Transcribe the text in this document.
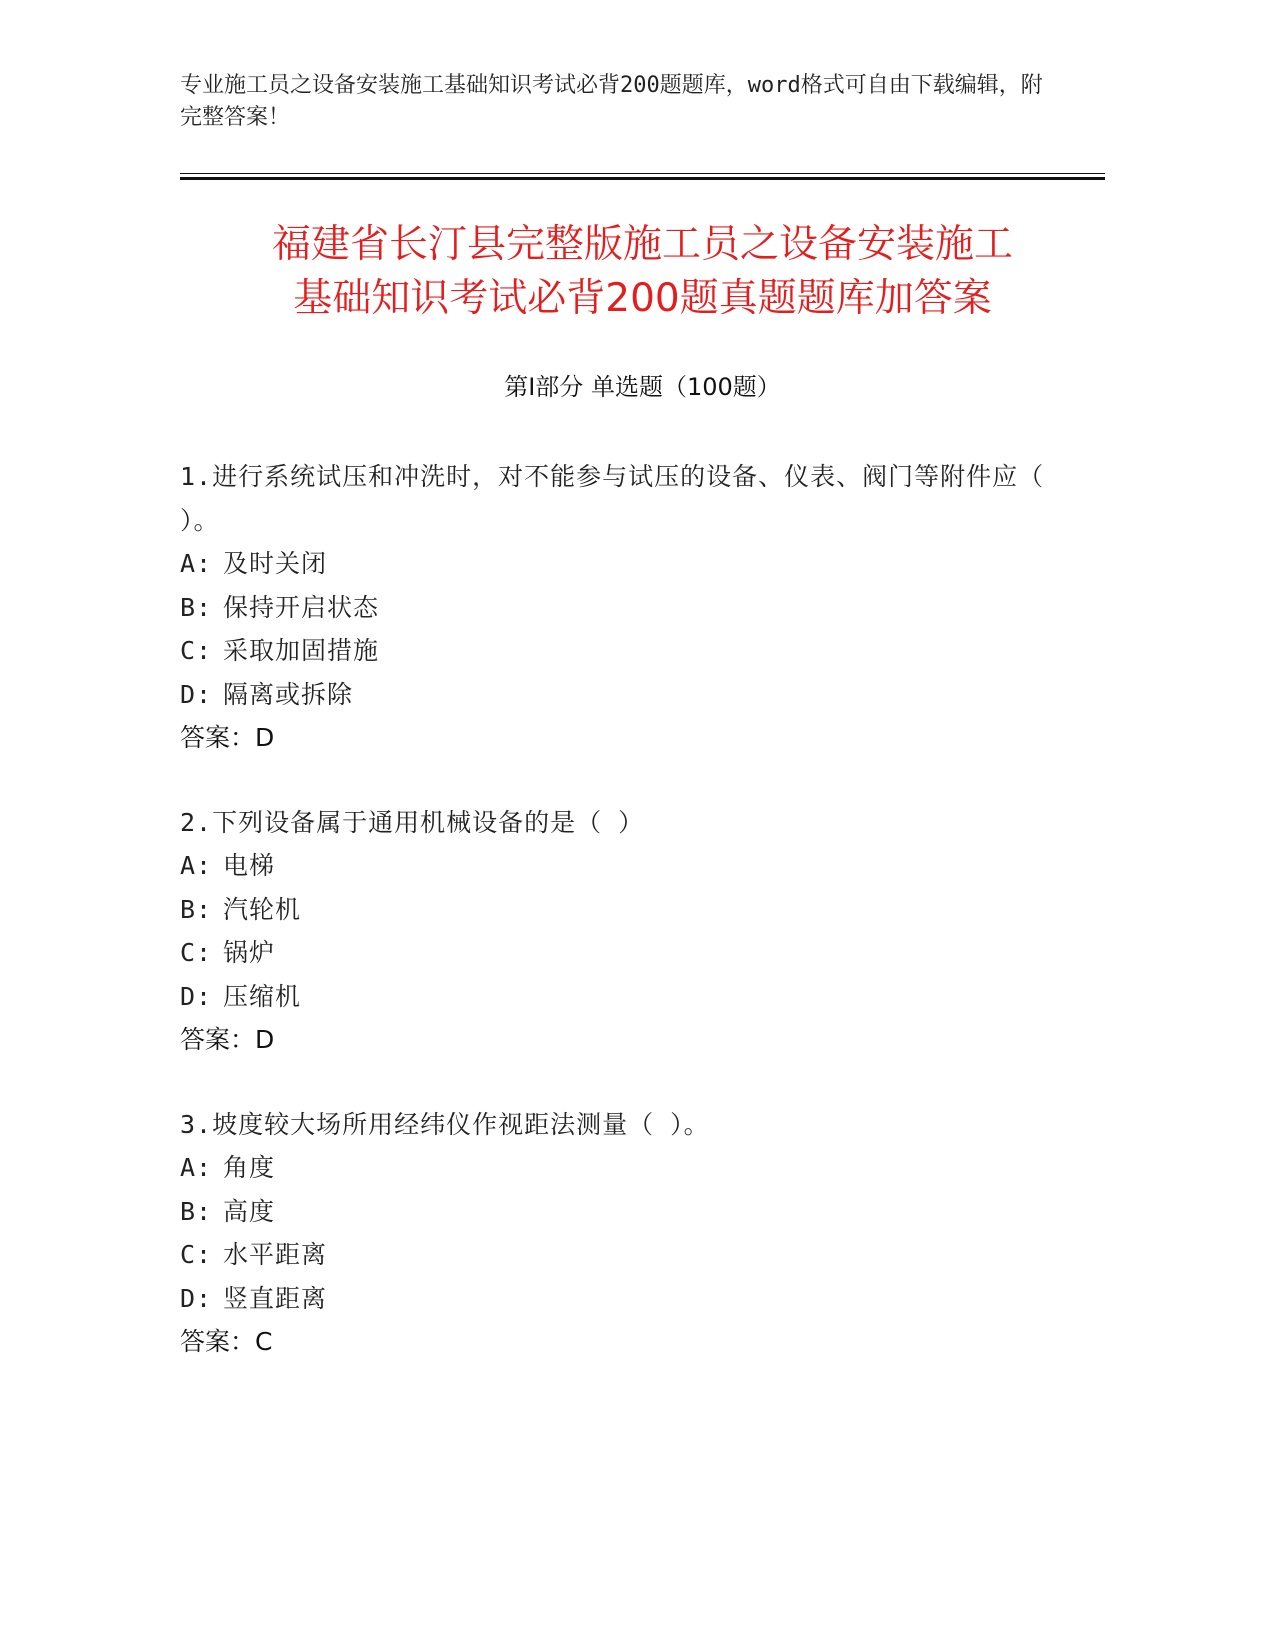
专业施工员之设备安装施工基础知识考试必背200题题库，word格式可自由下载编辑，附完整答案！
福建省长汀县完整版施工员之设备安装施工
基础知识考试必背200题真题题库加答案
第Ⅰ部分 单选题（100题）
1.进行系统试压和冲洗时，对不能参与试压的设备、仪表、阀门等附件应（ ）。
A: 及时关闭
B: 保持开启状态
C: 采取加固措施
D: 隔离或拆除
答案：D
2.下列设备属于通用机械设备的是（ ）
A: 电梯
B: 汽轮机
C: 锅炉
D: 压缩机
答案：D
3.坡度较大场所用经纬仪作视距法测量（ ）。
A: 角度
B: 高度
C: 水平距离
D: 竖直距离
答案：C
